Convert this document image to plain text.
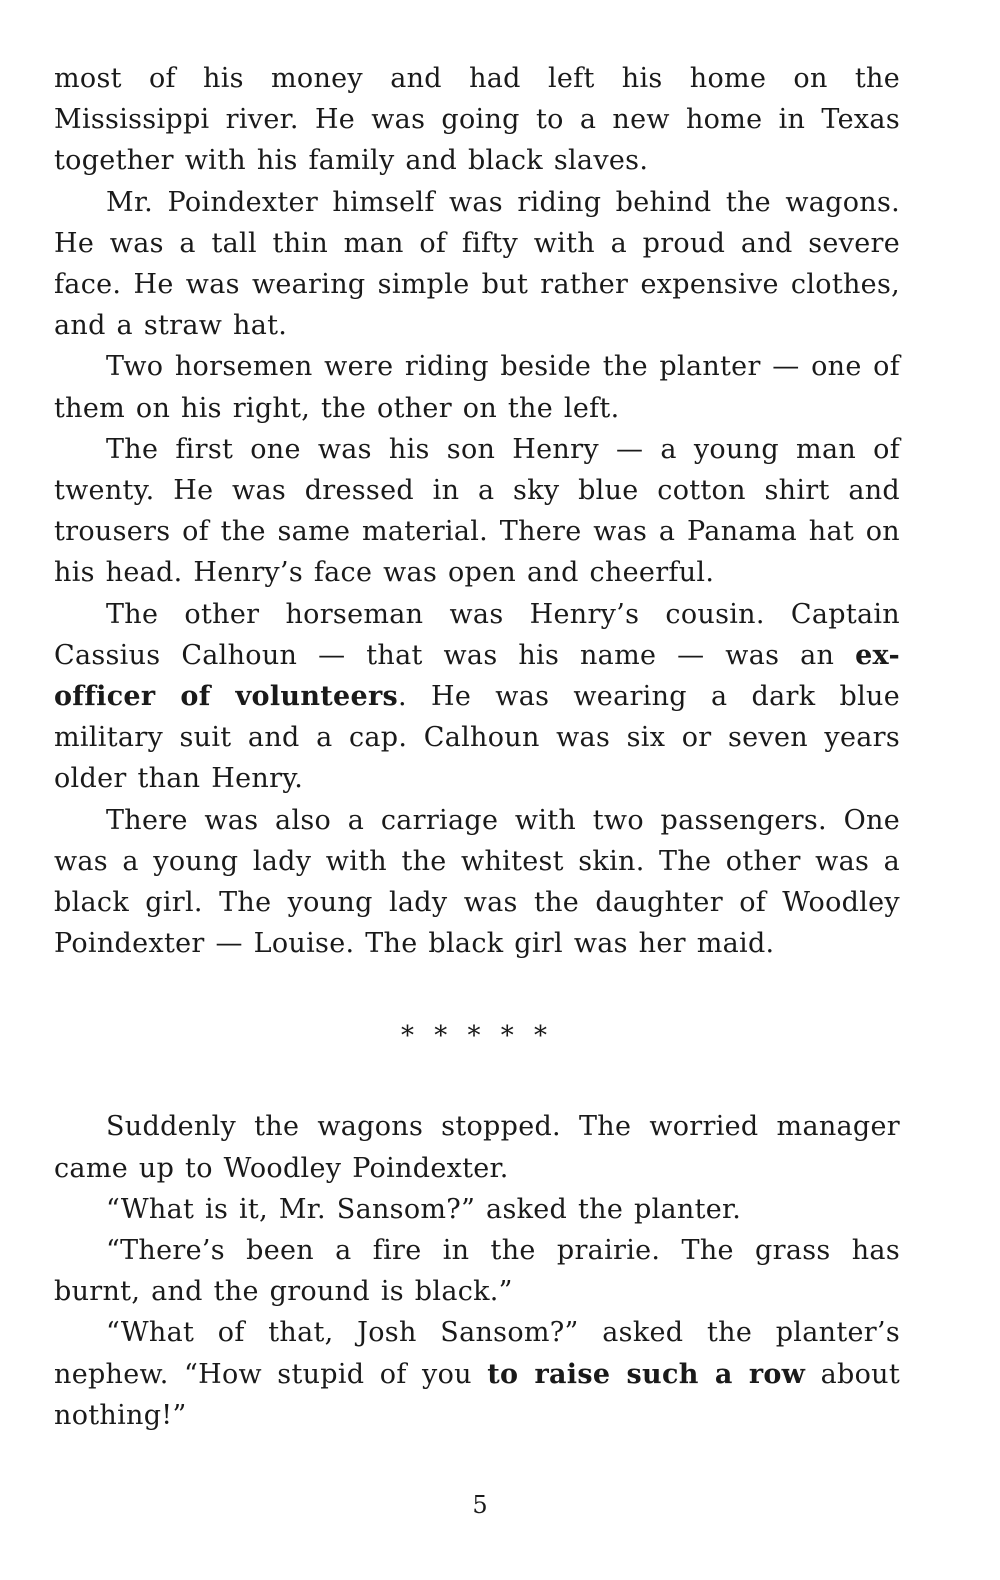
most of his money and had left his home on the Mississippi river. He was going to a new home in Texas together with his family and black slaves.

Mr. Poindexter himself was riding behind the wagons. He was a tall thin man of fifty with a proud and severe face. He was wearing simple but rather expensive clothes, and a straw hat.

Two horsemen were riding beside the planter — one of them on his right, the other on the left.

The first one was his son Henry — a young man of twenty. He was dressed in a sky blue cotton shirt and trousers of the same material. There was a Panama hat on his head. Henry’s face was open and cheerful.

The other horseman was Henry’s cousin. Captain Cassius Calhoun — that was his name — was an ex-officer of volunteers. He was wearing a dark blue military suit and a cap. Calhoun was six or seven years older than Henry.

There was also a carriage with two passengers. One was a young lady with the whitest skin. The other was a black girl. The young lady was the daughter of Woodley Poindexter — Louise. The black girl was her maid.

* * * * *

Suddenly the wagons stopped. The worried manager came up to Woodley Poindexter.

“What is it, Mr. Sansom?” asked the planter.

“There’s been a fire in the prairie. The grass has burnt, and the ground is black.”

“What of that, Josh Sansom?” asked the planter’s nephew. “How stupid of you to raise such a row about nothing!”

5
